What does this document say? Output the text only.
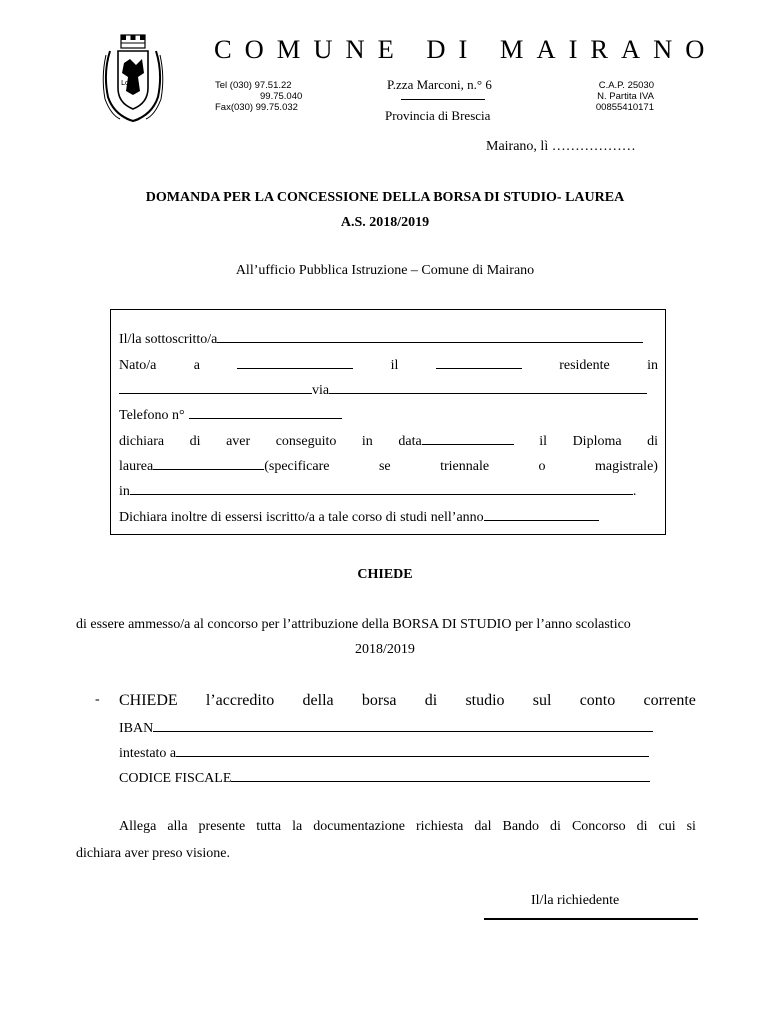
Lc
COMUNE DI MAIRANO
Tel (030) 97.51.22
99.75.040
Fax(030) 99.75.032
P.zza Marconi, n.° 6
Provincia di Brescia
C.A.P. 25030
N. Partita IVA
00855410171
Mairano, lì ………………
DOMANDA PER LA CONCESSIONE DELLA BORSA DI STUDIO- LAUREA
A.S. 2018/2019
All’ufficio Pubblica Istruzione – Comune di Mairano
Il/la sottoscritto/a
Nato/a	a	il	residente	in
via
Telefono n°
dichiara di aver conseguito in data	il Diploma di
laurea	(specificare	se	triennale	o	magistrale)
in	.
Dichiara inoltre di essersi iscritto/a a tale corso di studi nell’anno
CHIEDE
di essere ammesso/a al concorso per l’attribuzione della BORSA DI STUDIO per l’anno scolastico
2018/2019
- CHIEDE l’accredito della borsa di studio sul conto corrente
IBAN
intestato a
CODICE FISCALE
Allega alla presente tutta la documentazione richiesta dal Bando di Concorso di cui si
dichiara aver preso visione.
Il/la richiedente
